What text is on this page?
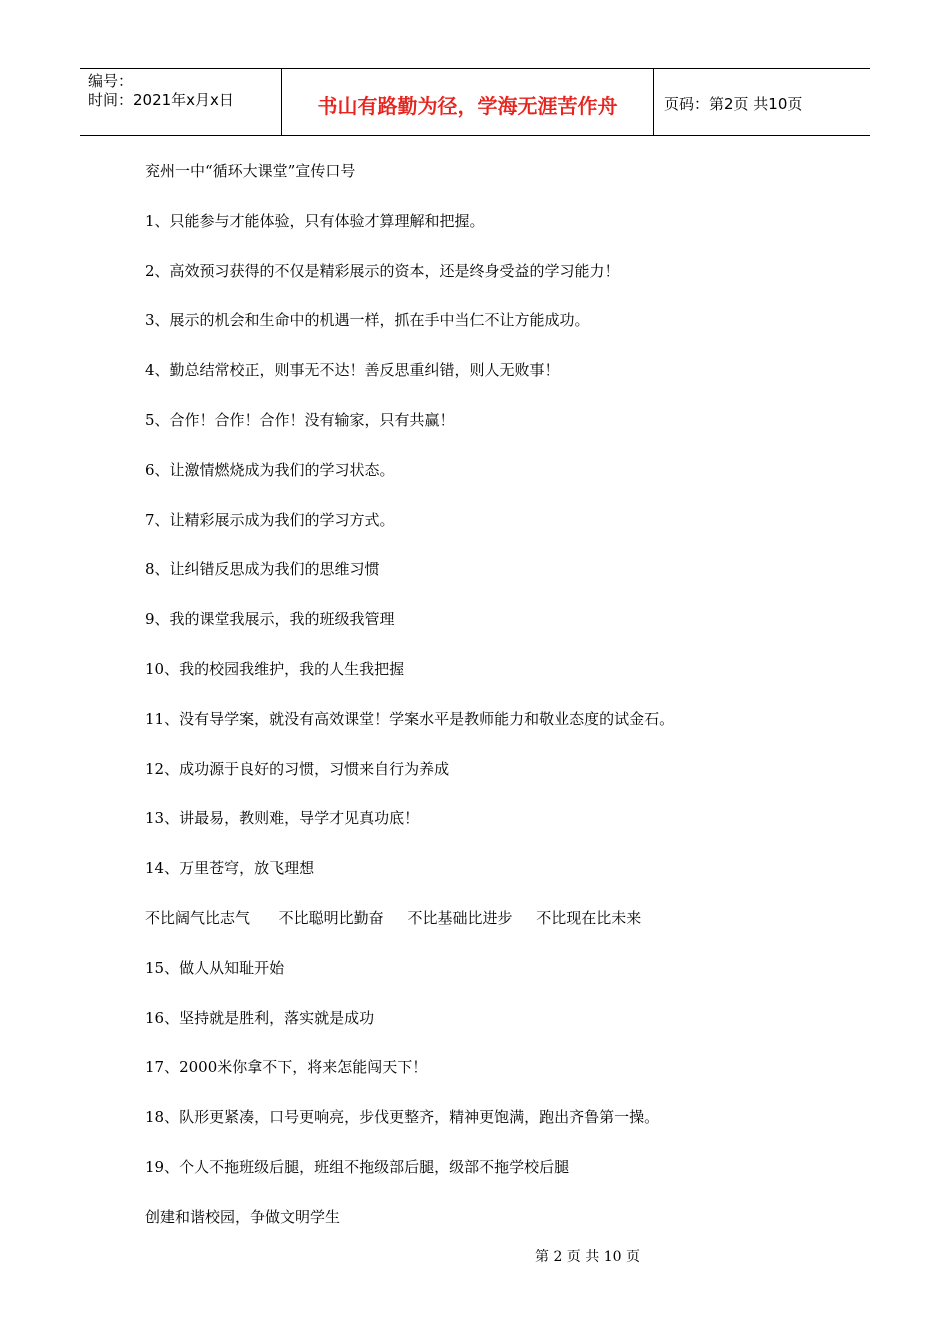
编号：
时间：2021年x月x日	书山有路勤为径，学海无涯苦作舟	页码：第2页 共10页
兖州一中“循环大课堂”宣传口号
1、只能参与才能体验，只有体验才算理解和把握。
2、高效预习获得的不仅是精彩展示的资本，还是终身受益的学习能力！
3、展示的机会和生命中的机遇一样，抓在手中当仁不让方能成功。
4、勤总结常校正，则事无不达！善反思重纠错，则人无败事！
5、合作！合作！合作！没有输家，只有共赢！
6、让激情燃烧成为我们的学习状态。
7、让精彩展示成为我们的学习方式。
8、让纠错反思成为我们的思维习惯
9、我的课堂我展示，我的班级我管理
10、我的校园我维护，我的人生我把握
11、没有导学案，就没有高效课堂！学案水平是教师能力和敬业态度的试金石。
12、成功源于良好的习惯，习惯来自行为养成
13、讲最易，教则难，导学才见真功底！
14、万里苍穹，放飞理想
不比阔气比志气      不比聪明比勤奋     不比基础比进步     不比现在比未来
15、做人从知耻开始
16、坚持就是胜利，落实就是成功
17、2000米你拿不下，将来怎能闯天下！
18、队形更紧凑，口号更响亮，步伐更整齐，精神更饱满，跑出齐鲁第一操。
19、个人不拖班级后腿，班组不拖级部后腿，级部不拖学校后腿
创建和谐校园，争做文明学生
第 2 页 共 10 页
